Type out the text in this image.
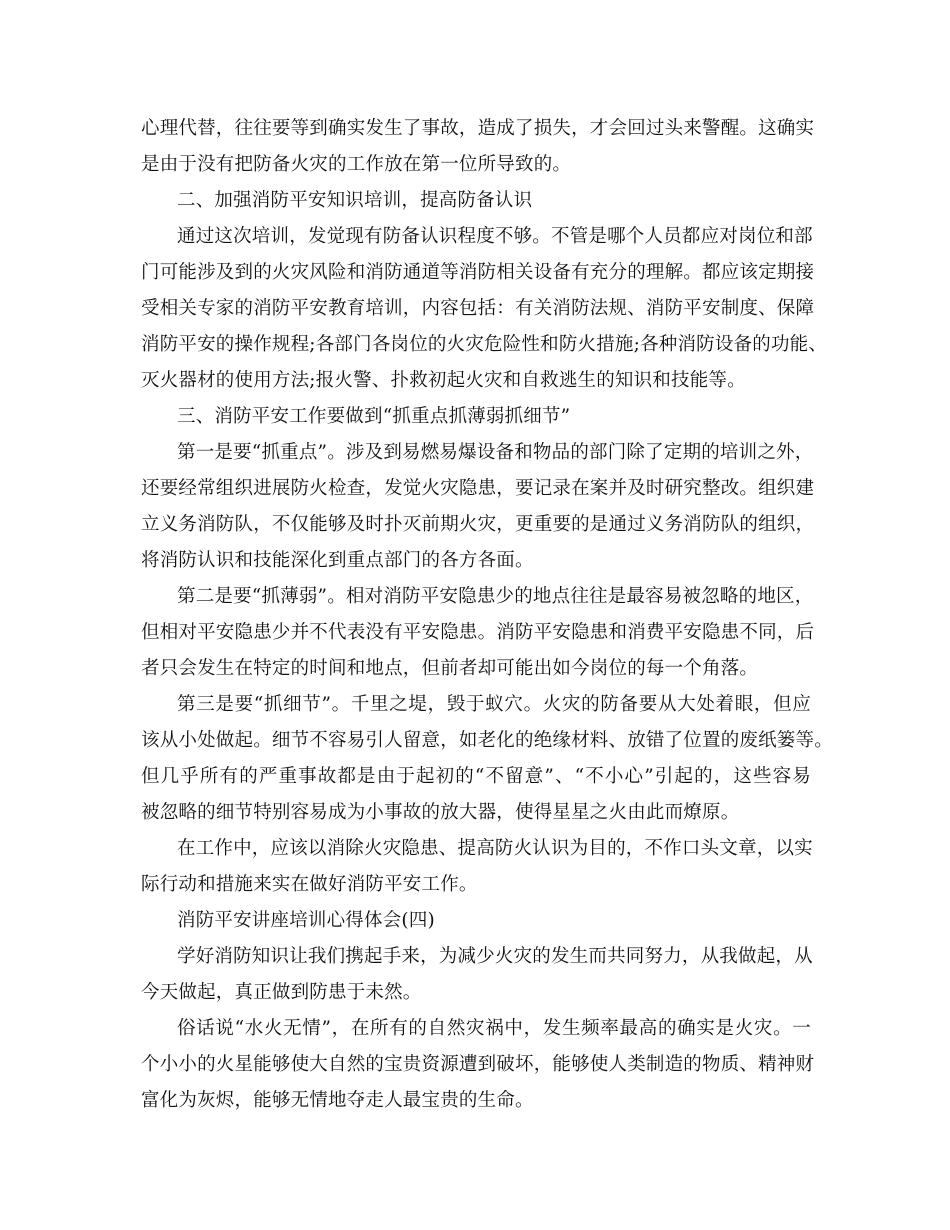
心理代替，往往要等到确实发生了事故，造成了损失，才会回过头来警醒。这确实
是由于没有把防备火灾的工作放在第一位所导致的。
二、加强消防平安知识培训，提高防备认识
通过这次培训，发觉现有防备认识程度不够。不管是哪个人员都应对岗位和部
门可能涉及到的火灾风险和消防通道等消防相关设备有充分的理解。都应该定期接
受相关专家的消防平安教育培训，内容包括：有关消防法规、消防平安制度、保障
消防平安的操作规程;各部门各岗位的火灾危险性和防火措施;各种消防设备的功能、
灭火器材的使用方法;报火警、扑救初起火灾和自救逃生的知识和技能等。
三、消防平安工作要做到“抓重点抓薄弱抓细节”
第一是要“抓重点”。涉及到易燃易爆设备和物品的部门除了定期的培训之外，
还要经常组织进展防火检查，发觉火灾隐患，要记录在案并及时研究整改。组织建
立义务消防队，不仅能够及时扑灭前期火灾，更重要的是通过义务消防队的组织，
将消防认识和技能深化到重点部门的各方各面。
第二是要“抓薄弱”。相对消防平安隐患少的地点往往是最容易被忽略的地区，
但相对平安隐患少并不代表没有平安隐患。消防平安隐患和消费平安隐患不同，后
者只会发生在特定的时间和地点，但前者却可能出如今岗位的每一个角落。
第三是要“抓细节”。千里之堤，毁于蚁穴。火灾的防备要从大处着眼，但应
该从小处做起。细节不容易引人留意，如老化的绝缘材料、放错了位置的废纸篓等。
但几乎所有的严重事故都是由于起初的“不留意”、“不小心”引起的，这些容易
被忽略的细节特别容易成为小事故的放大器，使得星星之火由此而燎原。
在工作中，应该以消除火灾隐患、提高防火认识为目的，不作口头文章，以实
际行动和措施来实在做好消防平安工作。
消防平安讲座培训心得体会(四)
学好消防知识让我们携起手来，为减少火灾的发生而共同努力，从我做起，从
今天做起，真正做到防患于未然。
俗话说“水火无情”，在所有的自然灾祸中，发生频率最高的确实是火灾。一
个小小的火星能够使大自然的宝贵资源遭到破坏，能够使人类制造的物质、精神财
富化为灰烬，能够无情地夺走人最宝贵的生命。
